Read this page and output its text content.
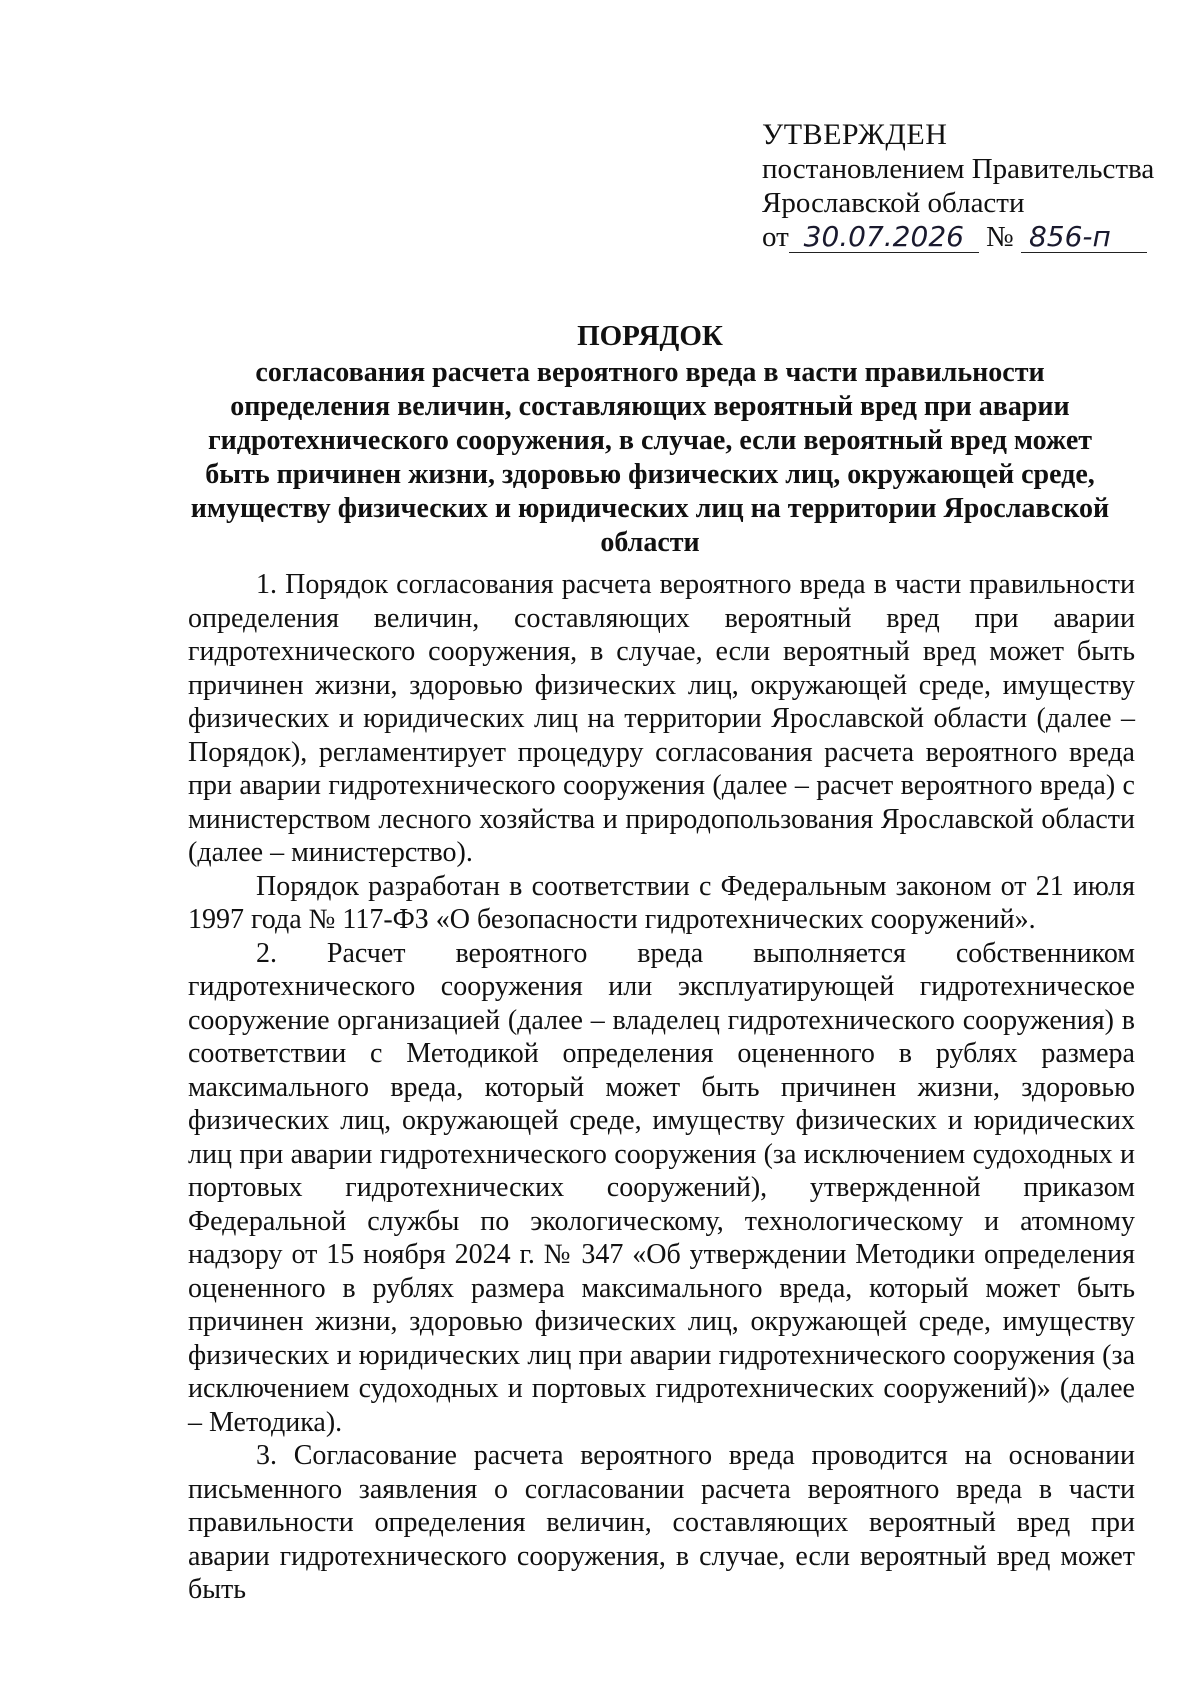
УТВЕРЖДЕН
постановлением Правительства
Ярославской области
от 30.07.2026 № 856-п
ПОРЯДОК
согласования расчета вероятного вреда в части правильности определения величин, составляющих вероятный вред при аварии гидротехнического сооружения, в случае, если вероятный вред может быть причинен жизни, здоровью физических лиц, окружающей среде, имуществу физических и юридических лиц на территории Ярославской области

1. Порядок согласования расчета вероятного вреда в части правильности определения величин, составляющих вероятный вред при аварии гидротехнического сооружения, в случае, если вероятный вред может быть причинен жизни, здоровью физических лиц, окружающей среде, имуществу физических и юридических лиц на территории Ярославской области (далее – Порядок), регламентирует процедуру согласования расчета вероятного вреда при аварии гидротехнического сооружения (далее – расчет вероятного вреда) с министерством лесного хозяйства и природопользования Ярославской области (далее – министерство).

Порядок разработан в соответствии с Федеральным законом от 21 июля 1997 года № 117-ФЗ «О безопасности гидротехнических сооружений».

2. Расчет вероятного вреда выполняется собственником гидротехнического сооружения или эксплуатирующей гидротехническое сооружение организацией (далее – владелец гидротехнического сооружения) в соответствии с Методикой определения оцененного в рублях размера максимального вреда, который может быть причинен жизни, здоровью физических лиц, окружающей среде, имуществу физических и юридических лиц при аварии гидротехнического сооружения (за исключением судоходных и портовых гидротехнических сооружений), утвержденной приказом Федеральной службы по экологическому, технологическому и атомному надзору от 15 ноября 2024 г. № 347 «Об утверждении Методики определения оцененного в рублях размера максимального вреда, который может быть причинен жизни, здоровью физических лиц, окружающей среде, имуществу физических и юридических лиц при аварии гидротехнического сооружения (за исключением судоходных и портовых гидротехнических сооружений)» (далее – Методика).

3. Согласование расчета вероятного вреда проводится на основании письменного заявления о согласовании расчета вероятного вреда в части правильности определения величин, составляющих вероятный вред при аварии гидротехнического сооружения, в случае, если вероятный вред может быть
